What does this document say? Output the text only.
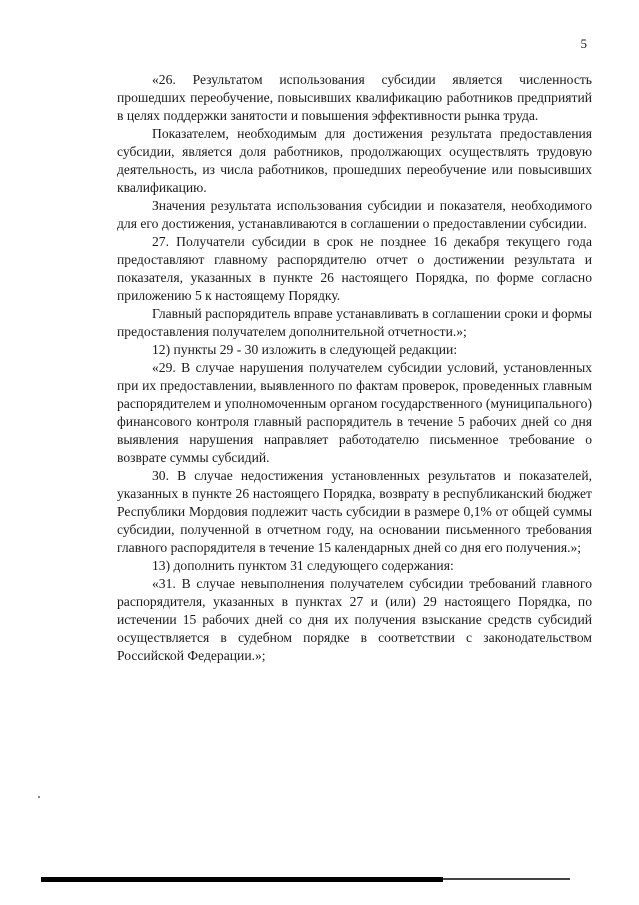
5

«26. Результатом использования субсидии является численность прошедших переобучение, повысивших квалификацию работников предприятий в целях поддержки занятости и повышения эффективности рынка труда.

Показателем, необходимым для достижения результата предоставления субсидии, является доля работников, продолжающих осуществлять трудовую деятельность, из числа работников, прошедших переобучение или повысивших квалификацию.

Значения результата использования субсидии и показателя, необходимого для его достижения, устанавливаются в соглашении о предоставлении субсидии.

27. Получатели субсидии в срок не позднее 16 декабря текущего года предоставляют главному распорядителю отчет о достижении результата и показателя, указанных в пункте 26 настоящего Порядка, по форме согласно приложению 5 к настоящему Порядку.

Главный распорядитель вправе устанавливать в соглашении сроки и формы предоставления получателем дополнительной отчетности.»;

12) пункты 29 - 30 изложить в следующей редакции:

«29. В случае нарушения получателем субсидии условий, установленных при их предоставлении, выявленного по фактам проверок, проведенных главным распорядителем и уполномоченным органом государственного (муниципального) финансового контроля главный распорядитель в течение 5 рабочих дней со дня выявления нарушения направляет работодателю письменное требование о возврате суммы субсидий.

30. В случае недостижения установленных результатов и показателей, указанных в пункте 26 настоящего Порядка, возврату в республиканский бюджет Республики Мордовия подлежит часть субсидии в размере 0,1% от общей суммы субсидии, полученной в отчетном году, на основании письменного требования главного распорядителя в течение 15 календарных дней со дня его получения.»;

13) дополнить пунктом 31 следующего содержания:

«31. В случае невыполнения получателем субсидии требований главного распорядителя, указанных в пунктах 27 и (или) 29 настоящего Порядка, по истечении 15 рабочих дней со дня их получения взыскание средств субсидий осуществляется в судебном порядке в соответствии с законодательством Российской Федерации.»;
